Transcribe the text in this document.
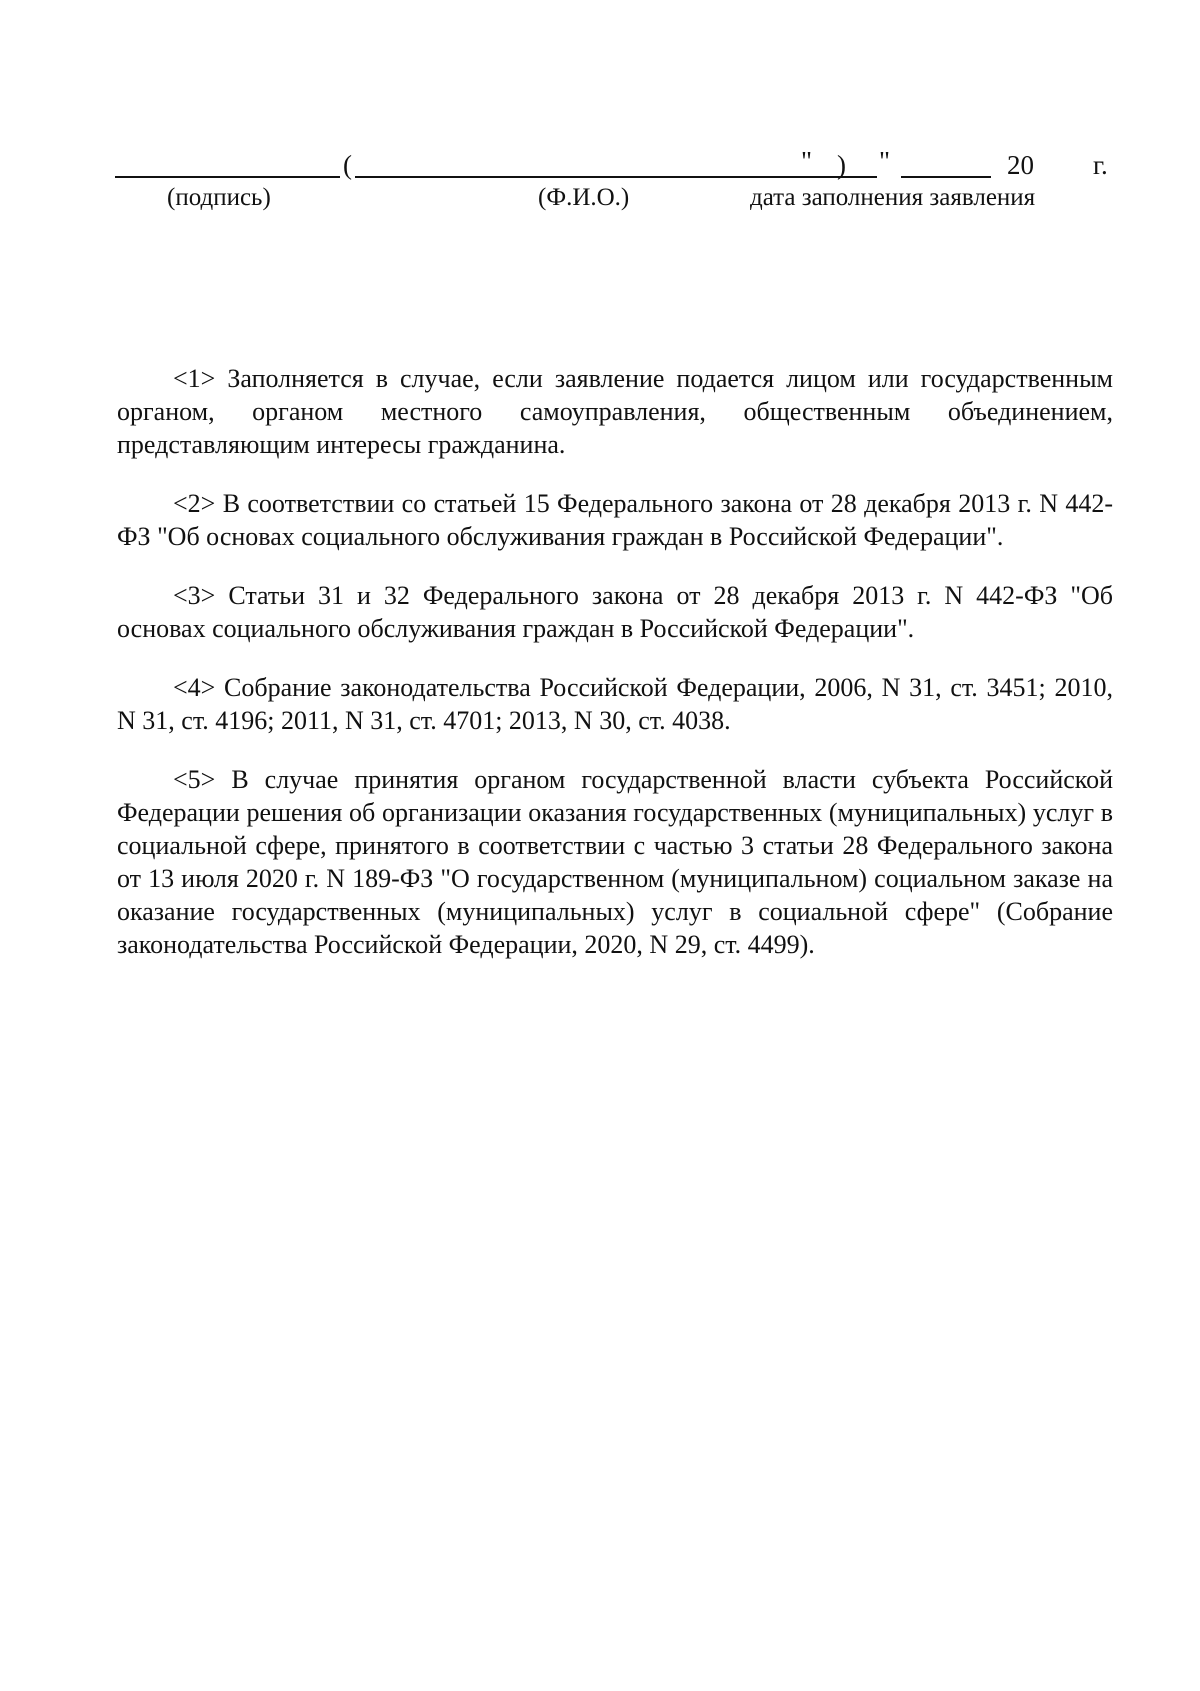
(	)
" "	20 г.
(подпись)	(Ф.И.О.)	дата заполнения заявления

<1> Заполняется в случае, если заявление подается лицом или государственным органом, органом местного самоуправления, общественным объединением, представляющим интересы гражданина.

<2> В соответствии со статьей 15 Федерального закона от 28 декабря 2013 г. N 442-ФЗ "Об основах социального обслуживания граждан в Российской Федерации".

<3> Статьи 31 и 32 Федерального закона от 28 декабря 2013 г. N 442-ФЗ "Об основах социального обслуживания граждан в Российской Федерации".

<4> Собрание законодательства Российской Федерации, 2006, N 31, ст. 3451; 2010, N 31, ст. 4196; 2011, N 31, ст. 4701; 2013, N 30, ст. 4038.

<5> В случае принятия органом государственной власти субъекта Российской Федерации решения об организации оказания государственных (муниципальных) услуг в социальной сфере, принятого в соответствии с частью 3 статьи 28 Федерального закона от 13 июля 2020 г. N 189-ФЗ "О государственном (муниципальном) социальном заказе на оказание государственных (муниципальных) услуг в социальной сфере" (Собрание законодательства Российской Федерации, 2020, N 29, ст. 4499).
